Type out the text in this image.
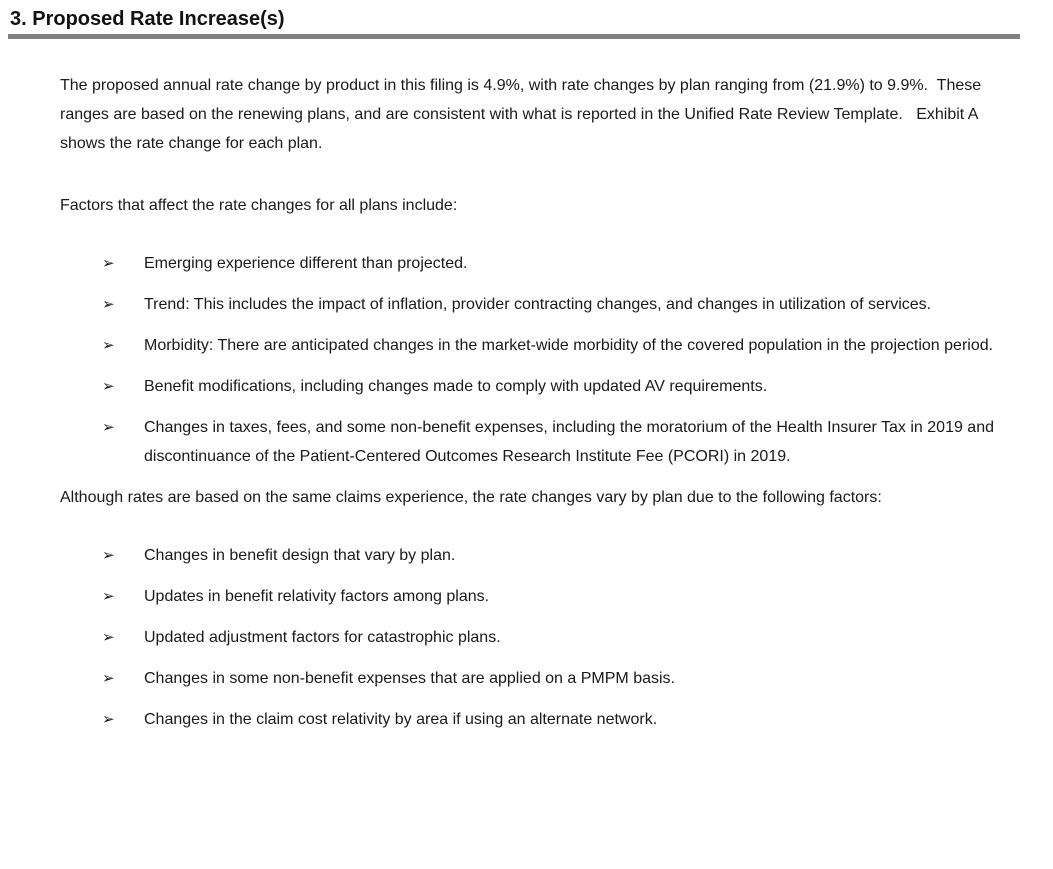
3. Proposed Rate Increase(s)

The proposed annual rate change by product in this filing is 4.9%, with rate changes by plan ranging from (21.9%) to 9.9%.  These ranges are based on the renewing plans, and are consistent with what is reported in the Unified Rate Review Template.   Exhibit A shows the rate change for each plan.

Factors that affect the rate changes for all plans include:

➢ Emerging experience different than projected.
➢ Trend: This includes the impact of inflation, provider contracting changes, and changes in utilization of services.
➢ Morbidity: There are anticipated changes in the market-wide morbidity of the covered population in the projection period.
➢ Benefit modifications, including changes made to comply with updated AV requirements.
➢ Changes in taxes, fees, and some non-benefit expenses, including the moratorium of the Health Insurer Tax in 2019 and discontinuance of the Patient-Centered Outcomes Research Institute Fee (PCORI) in 2019.

Although rates are based on the same claims experience, the rate changes vary by plan due to the following factors:

➢ Changes in benefit design that vary by plan.
➢ Updates in benefit relativity factors among plans.
➢ Updated adjustment factors for catastrophic plans.
➢ Changes in some non-benefit expenses that are applied on a PMPM basis.
➢ Changes in the claim cost relativity by area if using an alternate network.
